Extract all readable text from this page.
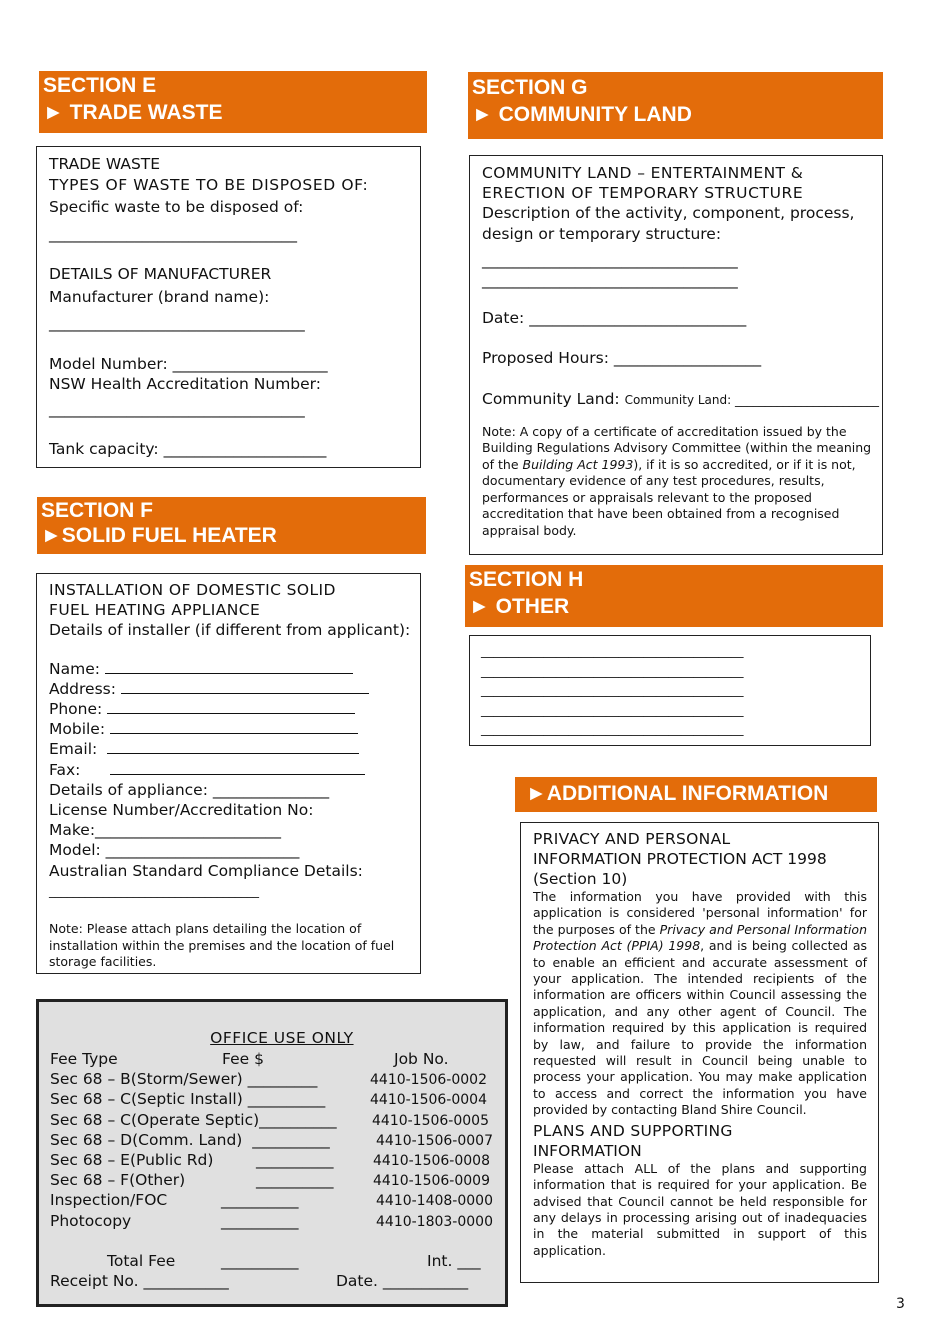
SECTION E
► TRADE WASTE
TRADE WASTE
TYPES OF WASTE TO BE DISPOSED OF:
Specific waste to be disposed of:
________________________________
DETAILS OF MANUFACTURER
Manufacturer (brand name):
_________________________________
Model Number: ____________________
NSW Health Accreditation Number:
_________________________________
Tank capacity: _____________________
SECTION F
►SOLID FUEL HEATER
INSTALLATION OF DOMESTIC SOLID
FUEL HEATING APPLIANCE
Details of installer (if different from applicant):
Name:
Address:
Phone:
Mobile:
Email:
Fax:
Details of appliance: _______________
License Number/Accreditation No:
Make:________________________
Model: _________________________
Australian Standard Compliance Details:
___________________________________
Note: Please attach plans detailing the location of installation within the premises and the location of fuel storage facilities.

OFFICE USE ONLY

Fee Type	Fee $	Job No.
Sec 68 – B(Storm/Sewer) _________	4410-1506-0002
Sec 68 – C(Septic Install) __________	4410-1506-0004
Sec 68 – C(Operate Septic)__________	4410-1506-0005
Sec 68 – D(Comm. Land)  __________	4410-1506-0007
Sec 68 – E(Public Rd)	__________	4410-1506-0008
Sec 68 – F(Other)	__________	4410-1506-0009
Inspection/FOC	__________	4410-1408-0000
Photocopy	__________	4410-1803-0000
Total Fee	__________	Int. ___
Receipt No. ___________	Date. ___________
SECTION G
► COMMUNITY LAND
COMMUNITY LAND – ENTERTAINMENT &
ERECTION OF TEMPORARY STRUCTURE
Description of the activity, component, process,
design or temporary structure:
_________________________________
_________________________________
Date: ____________________________
Proposed Hours: ___________________
Community Land: Community Land: ________________________
Note: A copy of a certificate of accreditation issued by the Building Regulations Advisory Committee (within the meaning of the Building Act 1993), if it is so accredited, or if it is not, documentary evidence of any test procedures, results, performances or appraisals relevant to the proposed accreditation that have been obtained from a recognised appraisal body.
SECTION H
► OTHER
__________________________________________
__________________________________________
__________________________________________
__________________________________________
__________________________________________
►ADDITIONAL INFORMATION
PRIVACY AND PERSONAL
INFORMATION PROTECTION ACT 1998
(Section 10)
The information you have provided with this application is considered 'personal information' for the purposes of the Privacy and Personal Information Protection Act (PPIA) 1998, and is being collected as to enable an efficient and accurate assessment of your application. The intended recipients of the information are officers within Council assessing the application, and any other agent of Council. The information required by this application is required by law, and failure to provide the information requested will result in Council being unable to process your application. You may make application to access and correct the information you have provided by contacting Bland Shire Council.
PLANS AND SUPPORTING
INFORMATION
Please attach ALL of the plans and supporting information that is required for your application. Be advised that Council cannot be held responsible for any delays in processing arising out of inadequacies in the material submitted in support of this application.
3
